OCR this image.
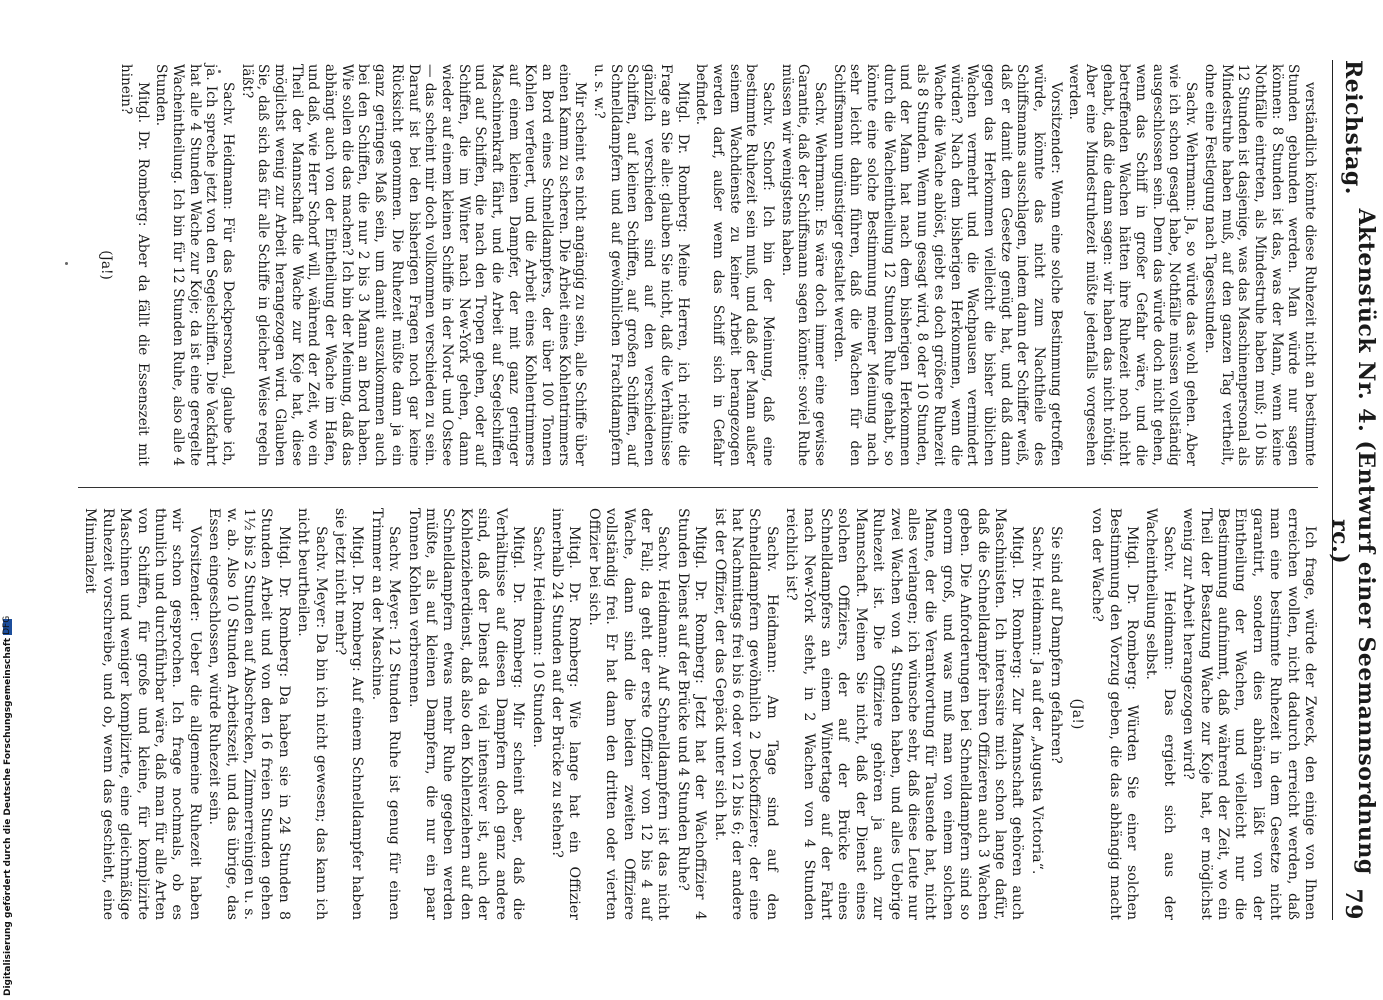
Digitalisierung gefördert durch die Deutsche ForschungsgemeinschaftDFG
Reichstag.
Aktenstück Nr. 4. (Entwurf einer Seemannsordnung rc.)
79

verständlich könnte diese Ruhezeit nicht an bestimmte Stunden gebunden werden. Man würde nur sagen können: 8 Stunden ist das, was der Mann, wenn keine Nothfälle eintreten, als Mindestruhe haben muß; 10 bis 12 Stunden ist dasjenige, was das Maschinenpersonal als Mindestruhe haben muß, auf den ganzen Tag vertheilt, ohne eine Festlegung nach Tagesstunden.

Sachv. Wehrmann: Ja, so würde das wohl gehen. Aber wie ich schon gesagt habe, Nothfälle müssen vollständig ausgeschlossen sein. Denn das würde doch nicht gehen, wenn das Schiff in großer Gefahr wäre, und die betreffenden Wachen hätten ihre Ruhezeit noch nicht gehabt, daß die dann sagen: wir haben das nicht nöthig. Aber eine Mindestruhezeit müßte jedenfalls vorgesehen werden.

Vorsitzender: Wenn eine solche Bestimmung getroffen würde, könnte das nicht zum Nachtheile des Schiffsmanns ausschlagen, indem dann der Schiffer weiß, daß er damit dem Gesetze genügt hat, und daß dann gegen das Herkommen vielleicht die bisher üblichen Wachen vermehrt und die Wachpausen vermindert würden? Nach dem bisherigen Herkommen, wenn die Wache die Wache ablöst, giebt es doch größere Ruhezeit als 8 Stunden. Wenn nun gesagt wird, 8 oder 10 Stunden, und der Mann hat nach dem bisherigen Herkommen durch die Wacheintheilung 12 Stunden Ruhe gehabt, so könnte eine solche Bestimmung meiner Meinung nach sehr leicht dahin führen, daß die Wachen für den Schiffsmann ungünstiger gestaltet werden.

Sachv. Wehrmann: Es wäre doch immer eine gewisse Garantie, daß der Schiffsmann sagen könnte: soviel Ruhe müssen wir wenigstens haben.

Sachv. Schorf: Ich bin der Meinung, daß eine bestimmte Ruhezeit sein muß, und daß der Mann außer seinem Wachdienste zu keiner Arbeit herangezogen werden darf, außer wenn das Schiff sich in Gefahr befindet.

Mitgl. Dr. Romberg: Meine Herren, ich richte die Frage an Sie alle: glauben Sie nicht, daß die Verhältnisse gänzlich verschieden sind auf den verschiedenen Schiffen, auf kleinen Schiffen, auf großen Schiffen, auf Schnelldampfern und auf gewöhnlichen Frachtdampfern u. s. w.?

Mir scheint es nicht angängig zu sein, alle Schiffe über einen Kamm zu scheren. Die Arbeit eines Kohlentrimmers an Bord eines Schnelldampfers, der über 100 Tonnen Kohlen verfeuert, und die Arbeit eines Kohlentrimmers auf einem kleinen Dampfer, der mit ganz geringer Maschinenkraft fährt, und die Arbeit auf Segelschiffen und auf Schiffen, die nach den Tropen gehen, oder auf Schiffen, die im Winter nach New-York gehen, dann wieder auf einem kleinen Schiffe in der Nord- und Ostsee — das scheint mir doch vollkommen verschieden zu sein. Darauf ist bei den bisherigen Fragen noch gar keine Rücksicht genommen. Die Ruhezeit müßte dann ja ein ganz geringes Maß sein, um damit auszukommen auch bei den Schiffen, die nur 2 bis 3 Mann an Bord haben. Wie sollen die das machen? Ich bin der Meinung, daß das abhängt auch von der Eintheilung der Wache im Hafen, und daß, wie Herr Schorf will, während der Zeit, wo ein Theil der Mannschaft die Wache zur Koje hat, diese möglichst wenig zur Arbeit herangezogen wird. Glauben Sie, daß sich das für alle Schiffe in gleicher Weise regeln läßt?

Sachv. Heidmann: Für das Deckpersonal, glaube ich, ja. Ich spreche jetzt von den Segelschiffen. Die Vackfahrt hat alle 4 Stunden Wache zur Koje; da ist eine geregelte Wacheintheilung. Ich bin für 12 Stunden Ruhe, also alle 4 Stunden.

Mitgl. Dr. Romberg: Aber da fällt die Essenszeit mit hinein?

(Ja!)

Ich frage, würde der Zweck, den einige von Ihnen erreichen wollen, nicht dadurch erreicht werden, daß man eine bestimmte Ruhezeit in dem Gesetze nicht garantirt, sondern dies abhängen läßt von der Eintheilung der Wachen, und vielleicht nur die Bestimmung aufnimmt, daß während der Zeit, wo ein Theil der Besatzung Wache zur Koje hat, er möglichst wenig zur Arbeit herangezogen wird?

Sachv. Heidmann: Das ergiebt sich aus der Wacheintheilung selbst.

Mitgl. Dr. Romberg: Würden Sie einer solchen Bestimmung den Vorzug geben, die das abhängig macht von der Wache?

(Ja!)

Sie sind auf Dampfern gefahren?

Sachv. Heidmann: Ja auf der „Augusta Victoria“.

Mitgl. Dr. Romberg: Zur Mannschaft gehören auch Maschinisten. Ich interessire mich schon lange dafür, daß die Schnelldampfer ihren Offizieren auch 3 Wachen geben. Die Anforderungen bei Schnelldampfern sind so enorm groß, und was muß man von einem solchen Manne, der die Verantwortung für Tausende hat, nicht alles verlangen; ich wünsche sehr, daß diese Leute nur zwei Wachen von 4 Stunden haben, und alles Uebrige Ruhezeit ist. Die Offiziere gehören ja auch zur Mannschaft. Meinen Sie nicht, daß der Dienst eines solchen Offiziers, der auf der Brücke eines Schnelldampfers an einem Wintertage auf der Fahrt nach New-York steht, in 2 Wachen von 4 Stunden reichlich ist?

Sachv. Heidmann: Am Tage sind auf den Schnelldampfern gewöhnlich 2 Deckoffiziere; der eine hat Nachmittags frei bis 6 oder von 12 bis 6; der andere ist der Offizier, der das Gepäck unter sich hat.

Mitgl. Dr. Romberg: Jetzt hat der Wachoffizier 4 Stunden Dienst auf der Brücke und 4 Stunden Ruhe?

Sachv. Heidmann: Auf Schnelldampfern ist das nicht der Fall; da geht der erste Offizier von 12 bis 4 auf Wache, dann sind die beiden zweiten Offiziere vollständig frei. Er hat dann den dritten oder vierten Offizier bei sich.

Mitgl. Dr. Romberg: Wie lange hat ein Offizier innerhalb 24 Stunden auf der Brücke zu stehen?

Sachv. Heidmann: 10 Stunden.

Mitgl. Dr. Romberg: Mir scheint aber, daß die Verhältnisse auf diesen Dampfern doch ganz andere sind, daß der Dienst da viel intensiver ist, auch der Kohlenzieherdienst, daß also den Kohlenziehern auf den Schnelldampfern etwas mehr Ruhe gegeben werden müßte, als auf kleinen Dampfern, die nur ein paar Tonnen Kohlen verbrennen.

Sachv. Meyer: 12 Stunden Ruhe ist genug für einen Trimmer an der Maschine.

Mitgl. Dr. Romberg: Auf einem Schnelldampfer haben sie jetzt nicht mehr?

Sachv. Meyer: Da bin ich nicht gewesen; das kann ich nicht beurtheilen.

Mitgl. Dr. Romberg: Da haben sie in 24 Stunden 8 Stunden Arbeit und von den 16 freien Stunden gehen 1½ bis 2 Stunden auf Abschrecken, Zimmerreinigen u. s. w. ab. Also 10 Stunden Arbeitszeit, und das übrige, das Essen eingeschlossen, würde Ruhezeit sein.

Vorsitzender: Ueber die allgemeine Ruhezeit haben wir schon gesprochen. Ich frage nochmals, ob es thunlich und durchführbar wäre, daß man für alle Arten von Schiffen, für große und kleine, für komplizirte Maschinen und weniger komplizirte, eine gleichmäßige Ruhezeit vorschreibe, und ob, wenn das geschieht, eine Minimalzeit
